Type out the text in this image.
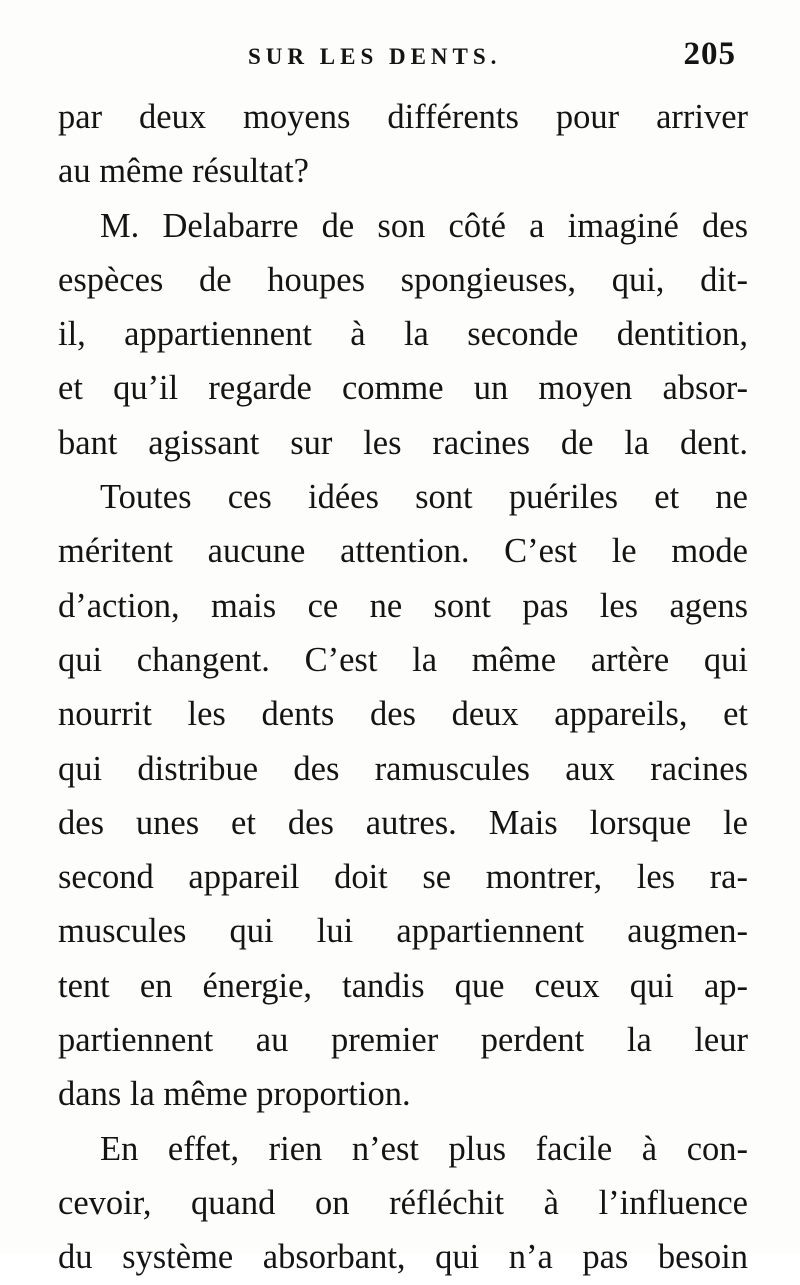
SUR LES DENTS.	205
par deux moyens différents pour arriver
au même résultat?
M. Delabarre de son côté a imaginé des
espèces de houpes spongieuses, qui, dit-
il, appartiennent à la seconde dentition,
et qu’il regarde comme un moyen absor-
bant agissant sur les racines de la dent.
Toutes ces idées sont puériles et ne
méritent aucune attention. C’est le mode
d’action, mais ce ne sont pas les agens
qui changent. C’est la même artère qui
nourrit les dents des deux appareils, et
qui distribue des ramuscules aux racines
des unes et des autres. Mais lorsque le
second appareil doit se montrer, les ra-
muscules qui lui appartiennent augmen-
tent en énergie, tandis que ceux qui ap-
partiennent au premier perdent la leur
dans la même proportion.
En effet, rien n’est plus facile à con-
cevoir, quand on réfléchit à l’influence
du système absorbant, qui n’a pas besoin
